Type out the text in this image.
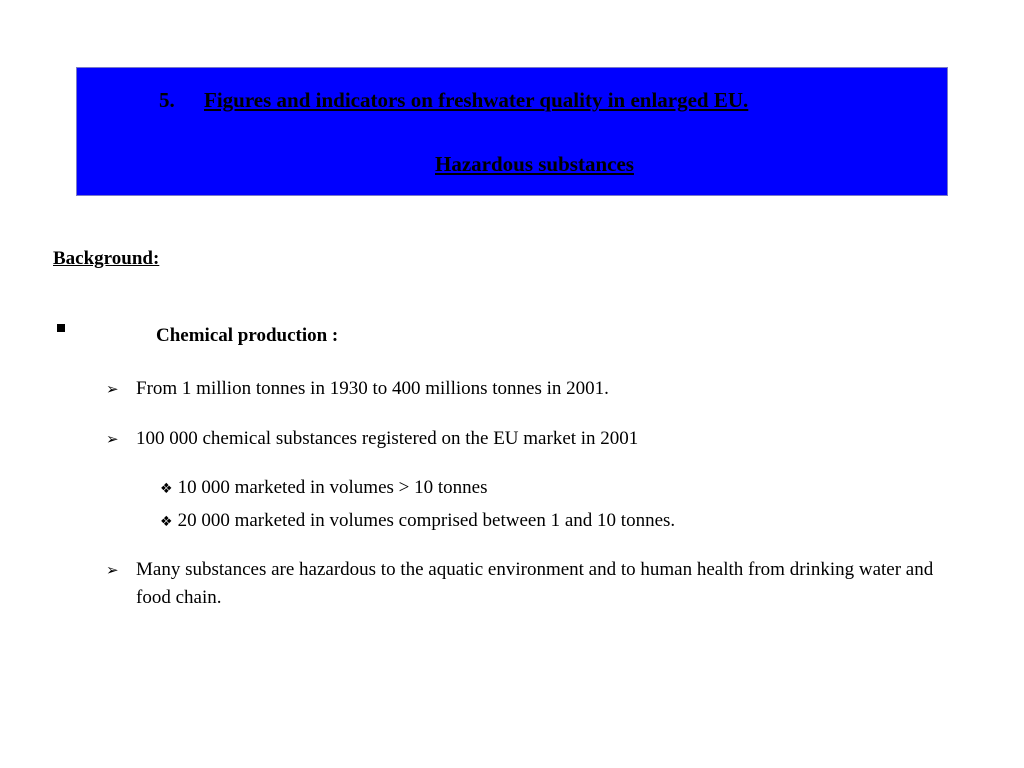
5. Figures and indicators on freshwater quality in enlarged EU.
Hazardous substances
Background:
Chemical production :
➢ From 1 million tonnes in 1930 to 400 millions tonnes in 2001.
➢ 100 000 chemical substances registered on the EU market in 2001
❖ 10 000 marketed in volumes > 10 tonnes
❖ 20 000 marketed in volumes comprised between 1 and 10 tonnes.
➢ Many substances are hazardous to the aquatic environment and to human health from drinking water and food chain.
